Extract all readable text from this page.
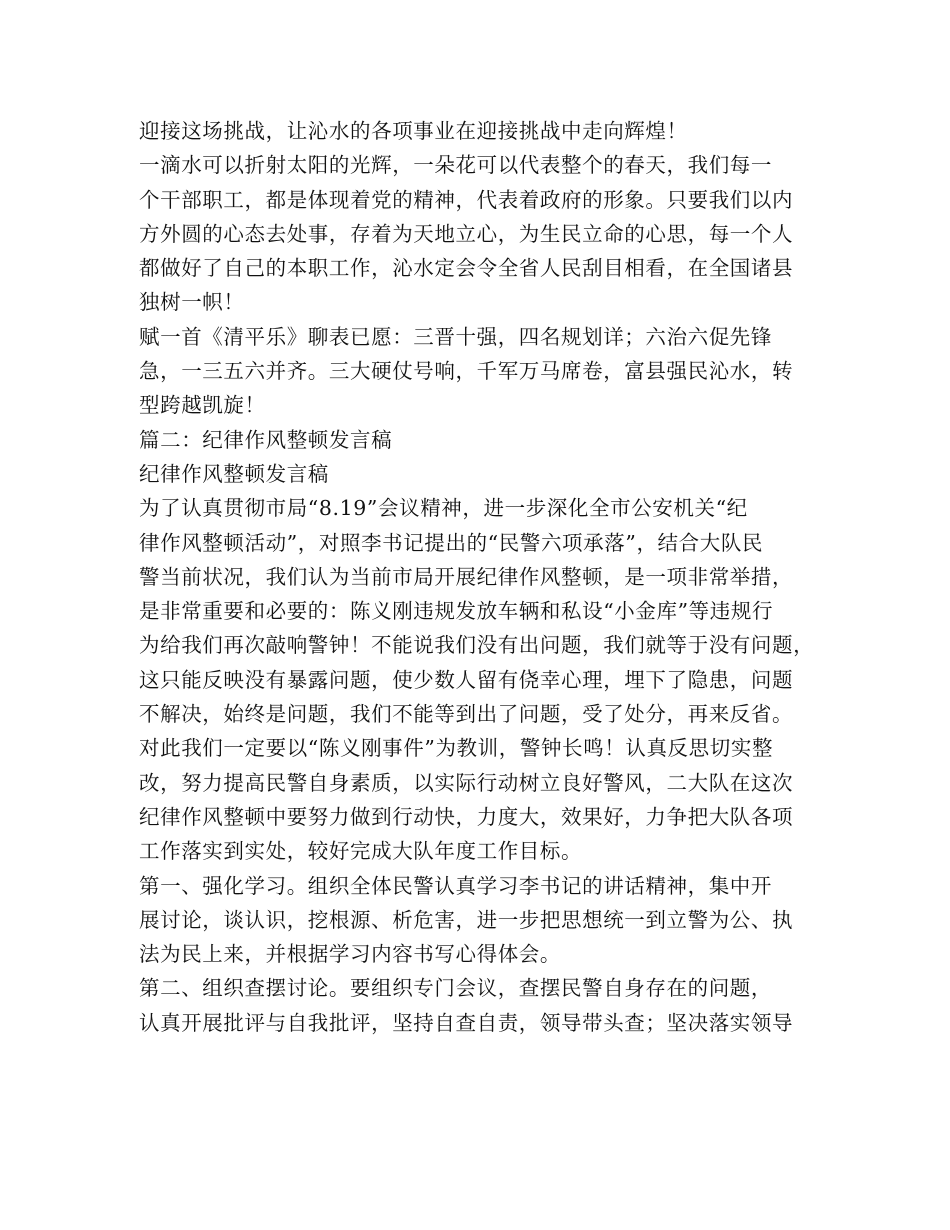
迎接这场挑战，让沁水的各项事业在迎接挑战中走向辉煌！
一滴水可以折射太阳的光辉，一朵花可以代表整个的春天，我们每一
个干部职工，都是体现着党的精神，代表着政府的形象。只要我们以内
方外圆的心态去处事，存着为天地立心，为生民立命的心思，每一个人
都做好了自己的本职工作，沁水定会令全省人民刮目相看，在全国诸县
独树一帜！
赋一首《清平乐》聊表已愿：三晋十强，四名规划详；六治六促先锋
急，一三五六并齐。三大硬仗号响，千军万马席卷，富县强民沁水，转
型跨越凯旋！
篇二：纪律作风整顿发言稿
纪律作风整顿发言稿
为了认真贯彻市局“8.19”会议精神，进一步深化全市公安机关“纪
律作风整顿活动”，对照李书记提出的“民警六项承落”，结合大队民
警当前状况，我们认为当前市局开展纪律作风整顿，是一项非常举措，
是非常重要和必要的：陈义刚违规发放车辆和私设“小金库”等违规行
为给我们再次敲响警钟！不能说我们没有出问题，我们就等于没有问题，
这只能反映没有暴露问题，使少数人留有侥幸心理，埋下了隐患，问题
不解决，始终是问题，我们不能等到出了问题，受了处分，再来反省。
对此我们一定要以“陈义刚事件”为教训，警钟长鸣！认真反思切实整
改，努力提高民警自身素质，以实际行动树立良好警风，二大队在这次
纪律作风整顿中要努力做到行动快，力度大，效果好，力争把大队各项
工作落实到实处，较好完成大队年度工作目标。
第一、强化学习。组织全体民警认真学习李书记的讲话精神，集中开
展讨论，谈认识，挖根源、析危害，进一步把思想统一到立警为公、执
法为民上来，并根据学习内容书写心得体会。
第二、组织查摆讨论。要组织专门会议，查摆民警自身存在的问题，
认真开展批评与自我批评，坚持自查自责，领导带头查；坚决落实领导
